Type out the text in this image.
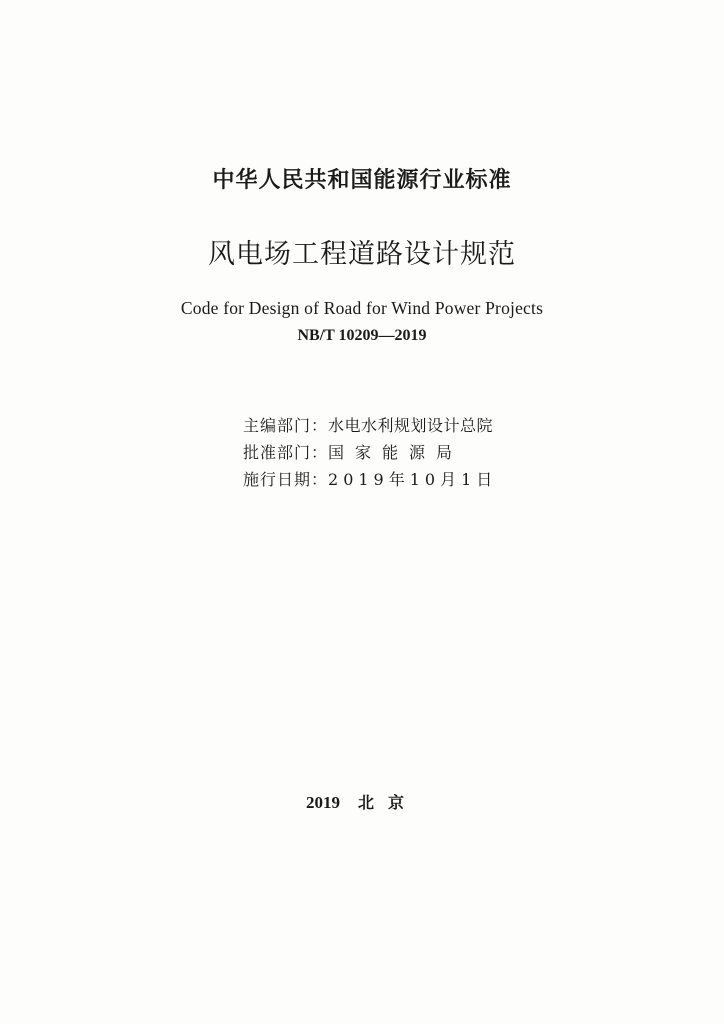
中华人民共和国能源行业标准
风电场工程道路设计规范
Code for Design of Road for Wind Power Projects
NB/T 10209—2019
主编部门： 水电水利规划设计总院
批准部门： 国家能源局
施行日期： 2019年10月1日
2019 北京
